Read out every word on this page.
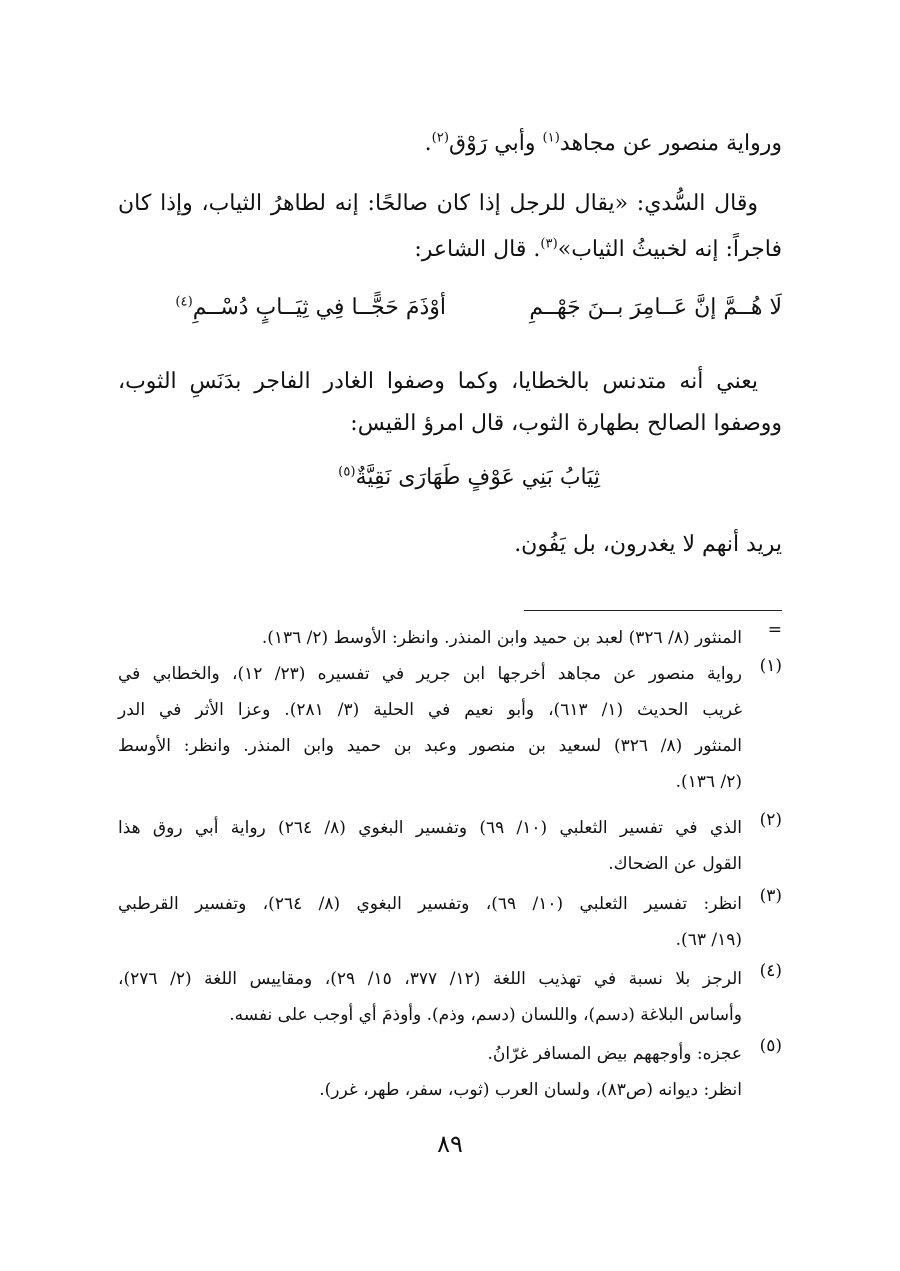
ورواية منصور عن مجاهد$^{(١)}$ وأبي رَوْق$^{(٢)}$.

وقال السُّدي: «يقال للرجل إذا كان صالحًا: إنه لطاهرُ الثياب، وإذا كان

فاجراً: إنه لخبيثُ الثياب»$^{(٣)}$. قال الشاعر:

لَا هُــمَّ إنَّ عَــامِرَ بــنَ جَهْــمِ
أوْذَمَ حَجًّــا فِي ثِيَــابٍ دُسْــمِ$^{(٤)}$

يعني أنه متدنس بالخطايا، وكما وصفوا الغادر الفاجر بدَنَسِ الثوب،

ووصفوا الصالح بطهارة الثوب، قال امرؤ القيس:

ثِيَابُ بَنِي عَوْفٍ طَهَارَى نَقِيَّةٌ$^{(٥)}$
يريد أنهم لا يغدرون، بل يَفُون.
=

المنثور (٨/ ٣٢٦) لعبد بن حميد وابن المنذر. وانظر: الأوسط (٢/ ١٣٦).

(١)

رواية منصور عن مجاهد أخرجها ابن جرير في تفسيره (٢٣/ ١٢)، والخطابي في

غريب الحديث (١/ ٦١٣)، وأبو نعيم في الحلية (٣/ ٢٨١). وعزا الأثر في الدر

المنثور (٨/ ٣٢٦) لسعيد بن منصور وعبد بن حميد وابن المنذر. وانظر: الأوسط

(٢/ ١٣٦).

(٢)

الذي في تفسير الثعلبي (١٠/ ٦٩) وتفسير البغوي (٨/ ٢٦٤) رواية أبي روق هذا

القول عن الضحاك.

(٣)

انظر: تفسير الثعلبي (١٠/ ٦٩)، وتفسير البغوي (٨/ ٢٦٤)، وتفسير القرطبي

(١٩/ ٦٣).

(٤)

الرجز بلا نسبة في تهذيب اللغة (١٢/ ٣٧٧، ١٥/ ٢٩)، ومقاييس اللغة (٢/ ٢٧٦)،

وأساس البلاغة (دسم)، واللسان (دسم، وذم). وأوذمَ أي أوجب على نفسه.

(٥)

عجزه: وأوجههم بيض المسافر غرّانُ.

انظر: ديوانه (ص٨٣)، ولسان العرب (ثوب، سفر، طهر، غرر).

٨٩
